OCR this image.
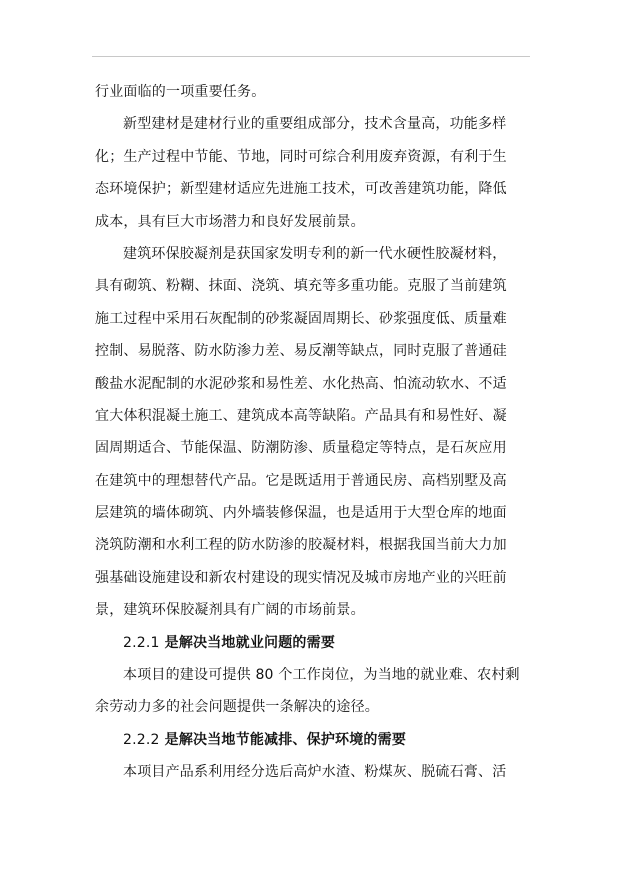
行业面临的一项重要任务。
新型建材是建材行业的重要组成部分，技术含量高，功能多样
化；生产过程中节能、节地，同时可综合利用废弃资源，有利于生
态环境保护；新型建材适应先进施工技术，可改善建筑功能，降低
成本，具有巨大市场潜力和良好发展前景。
建筑环保胶凝剂是获国家发明专利的新一代水硬性胶凝材料，
具有砌筑、粉糊、抹面、浇筑、填充等多重功能。克服了当前建筑
施工过程中采用石灰配制的砂浆凝固周期长、砂浆强度低、质量难
控制、易脱落、防水防渗力差、易反潮等缺点，同时克服了普通硅
酸盐水泥配制的水泥砂浆和易性差、水化热高、怕流动软水、不适
宜大体积混凝土施工、建筑成本高等缺陷。产品具有和易性好、凝
固周期适合、节能保温、防潮防渗、质量稳定等特点，是石灰应用
在建筑中的理想替代产品。它是既适用于普通民房、高档别墅及高
层建筑的墙体砌筑、内外墙装修保温，也是适用于大型仓库的地面
浇筑防潮和水利工程的防水防渗的胶凝材料，根据我国当前大力加
强基础设施建设和新农村建设的现实情况及城市房地产业的兴旺前
景，建筑环保胶凝剂具有广阔的市场前景。
2.2.1 是解决当地就业问题的需要
本项目的建设可提供 80 个工作岗位，为当地的就业难、农村剩
余劳动力多的社会问题提供一条解决的途径。
2.2.2 是解决当地节能减排、保护环境的需要
本项目产品系利用经分选后高炉水渣、粉煤灰、脱硫石膏、活
